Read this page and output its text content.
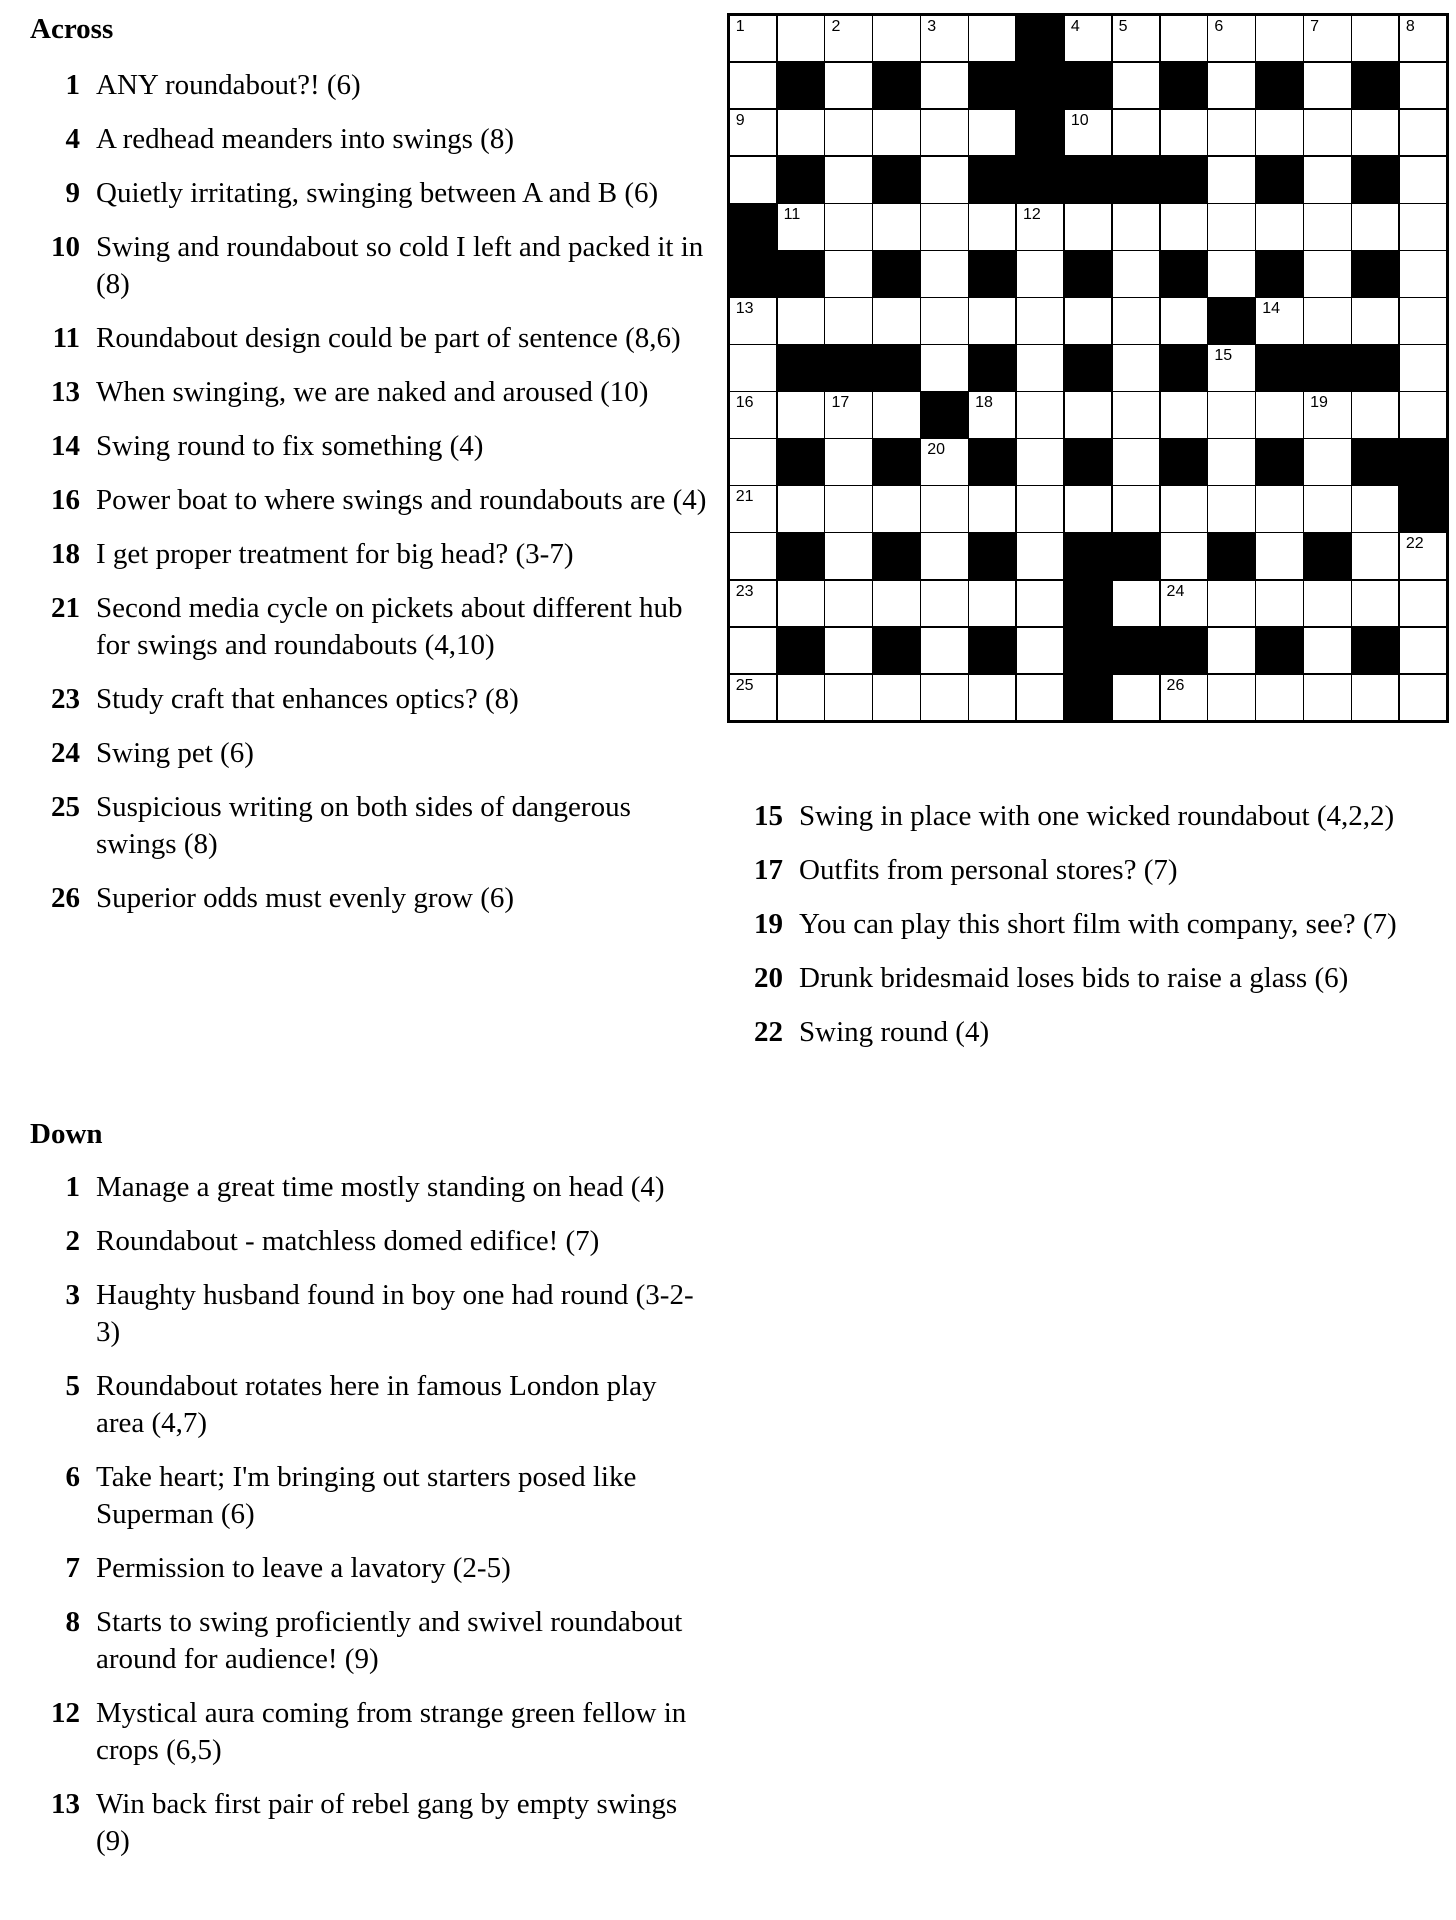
Across
1 ANY roundabout?! (6)
4 A redhead meanders into swings (8)
9 Quietly irritating, swinging between A and B (6)
10 Swing and roundabout so cold I left and packed it in (8)
11 Roundabout design could be part of sentence (8,6)
13 When swinging, we are naked and aroused (10)
14 Swing round to fix something (4)
16 Power boat to where swings and roundabouts are (4)
18 I get proper treatment for big head? (3-7)
21 Second media cycle on pickets about different hub for swings and roundabouts (4,10)
23 Study craft that enhances optics? (8)
24 Swing pet (6)
25 Suspicious writing on both sides of dangerous swings (8)
26 Superior odds must evenly grow (6)
Down
1 Manage a great time mostly standing on head (4)
2 Roundabout - matchless domed edifice! (7)
3 Haughty husband found in boy one had round (3-2-3)
5 Roundabout rotates here in famous London play area (4,7)
6 Take heart; I'm bringing out starters posed like Superman (6)
7 Permission to leave a lavatory (2-5)
8 Starts to swing proficiently and swivel roundabout around for audience! (9)
12 Mystical aura coming from strange green fellow in crops (6,5)
13 Win back first pair of rebel gang by empty swings (9)
15 Swing in place with one wicked roundabout (4,2,2)
17 Outfits from personal stores? (7)
19 You can play this short film with company, see? (7)
20 Drunk bridesmaid loses bids to raise a glass (6)
22 Swing round (4)
1	2	3	4 5	6	7	8
9	10
11	12
13	14
15
16	17	18	19
20
21
22
23	24
25	26
